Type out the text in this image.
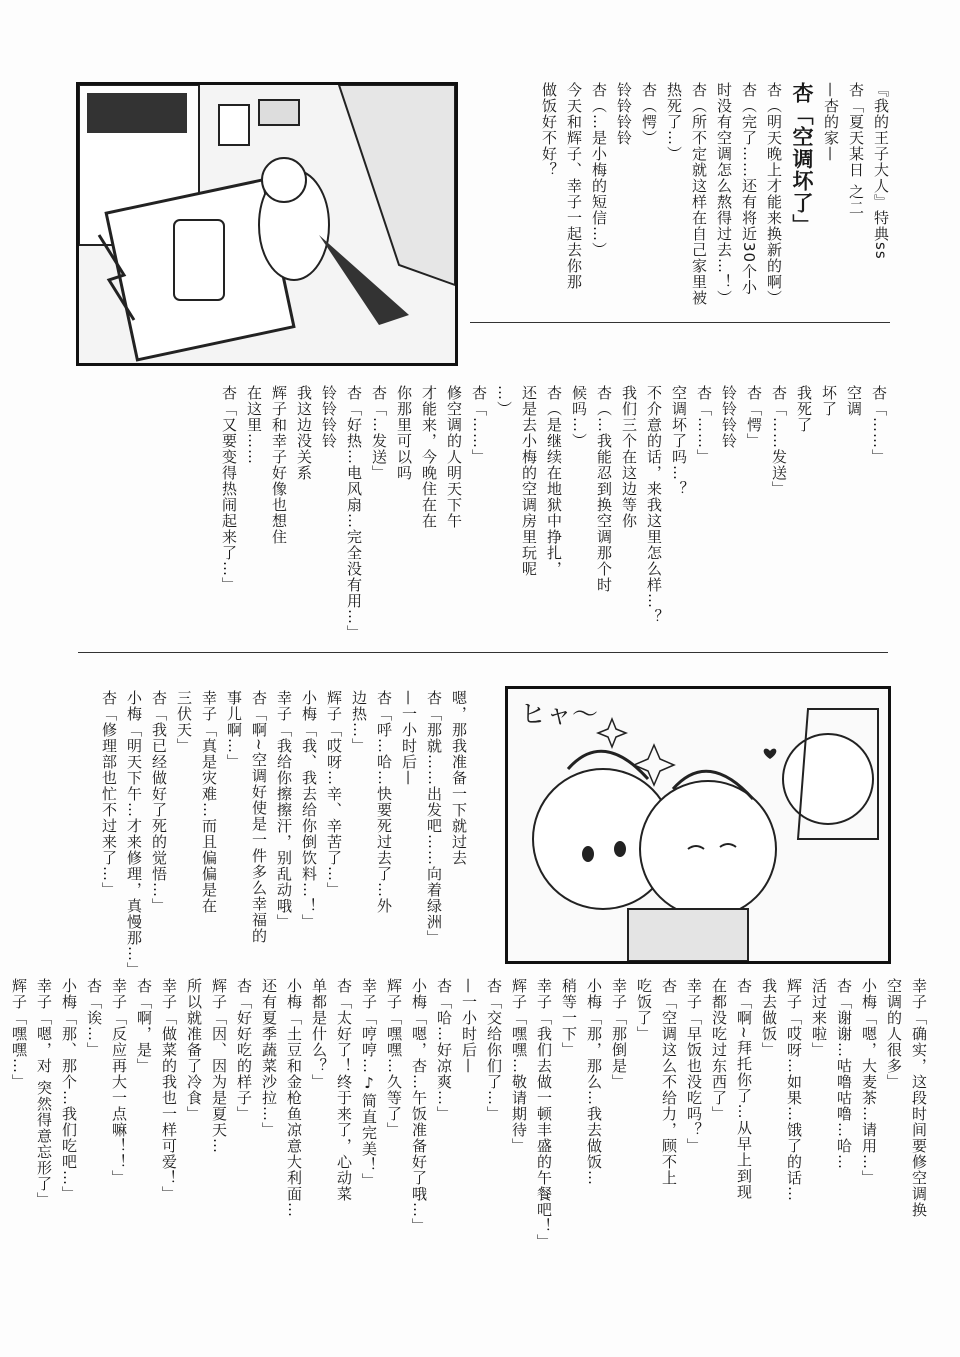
『我的王子大人』特典ss
杏「夏天某日 之二
—杏的家—
杏「空调坏了」
杏（明天晚上才能来换新的啊）
杏（完了……还有将近30个小
时没有空调怎么熬得过去…！）
杏（所不定就这样在自己家里被
热死了…）
杏（愕）
铃铃铃铃
杏（…是小梅的短信…）
今天和辉子、幸子一起去你那
做饭好不好？
杏「……」
空调
坏了
我死了
杏「……发送」
杏「愕」
铃铃铃铃
杏「……」
空调坏了吗…？
不介意的话，来我这里怎么样…？
我们三个在这边等你
杏（…我能忍到换空调那个时
候吗…）
杏（是继续在地狱中挣扎，
还是去小梅的空调房里玩呢
…）
杏「……」
修空调的人明天下午
才能来，今晚住在在
你那里可以吗
杏「…发送」
杏「好热…电风扇…完全没有用…」
铃铃铃铃
我这边没关系
辉子和幸子好像也想住
在这里……
杏「又要变得热闹起来了…」
嗯，那我准备一下就过去
杏「那就……出发吧……向着绿洲」
—一小时后—
杏「呼…哈…快要死过去了…外
边热…」
辉子「哎呀…辛、辛苦了…」
小梅「我、我去给你倒饮料…！」
幸子「我给你擦擦汗，别乱动哦」
杏「啊~空调好使是一件多么幸福的
事儿啊…」
幸子「真是灾难…而且偏偏是在
三伏天」
杏「我已经做好了死的觉悟…」
小梅「明天下午…才来修理，真慢那…」
杏「修理部也忙不过来了…」	ヒャ〜
幸子「确实，这段时间要修空调换
空调的人很多」
小梅「嗯，大麦茶…请用…」
杏「谢谢…咕噜咕噜…哈…
活过来啦」
辉子「哎呀…如果…饿了的话…
我去做饭」
杏「啊~拜托你了…从早上到现
在都没吃过东西了」
幸子「早饭也没吃吗？」
杏「空调这么不给力，顾不上
吃饭了」
幸子「那倒是」
小梅「那，那么…我去做饭…
稍等一下」
幸子「我们去做一顿丰盛的午餐吧！」
辉子「嘿嘿…敬请期待」
杏「交给你们了…」
—一小时后—
杏「哈…好凉爽…」
小梅「嗯，杏…午饭准备好了哦…」
辉子「嘿嘿…久等了」
幸子「哼哼…♪简直完美！」
杏「太好了！终于来了，心动菜
单都是什么？」
小梅「土豆和金枪鱼凉意大利面…
还有夏季蔬菜沙拉…」
杏「好好吃的样子」
辉子「因、因为是夏天…
所以就准备了冷食」
幸子「做菜的我也一样可爱！」
杏「啊，是」
幸子「反应再大一点嘛！！」
杏「诶…」
小梅「那、那个…我们吃吧…」
幸子「嗯，对 突然得意忘形了」
辉子「嘿嘿…」
